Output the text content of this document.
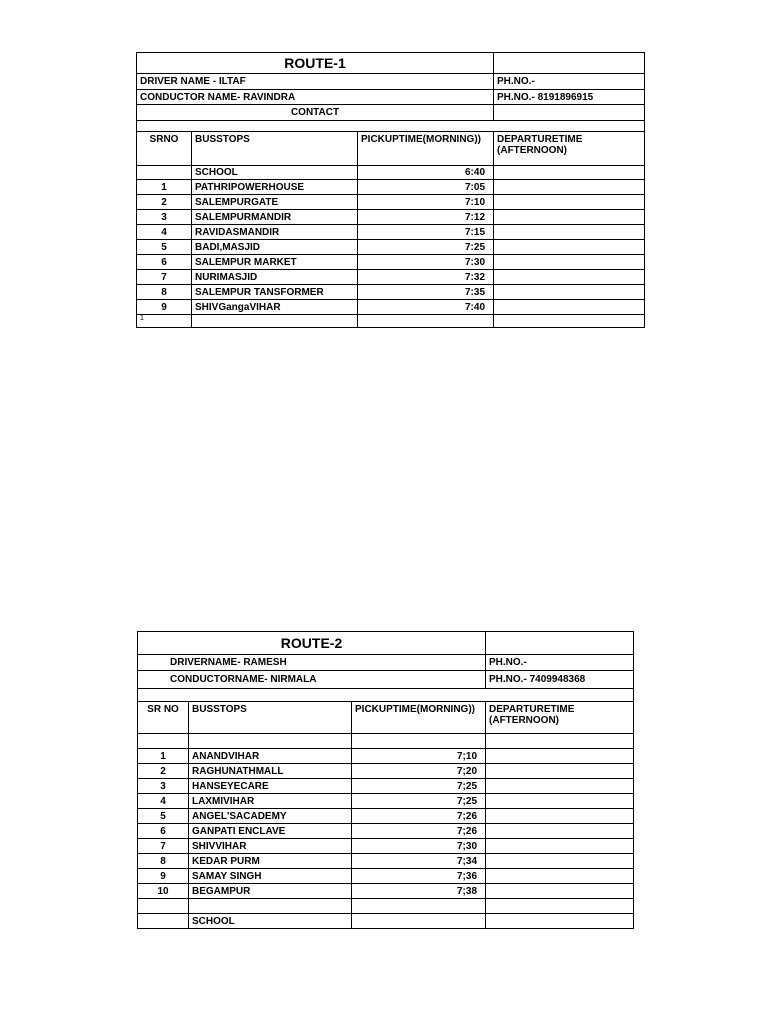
ROUTE-1			
DRIVER NAME - ILTAF			PH.NO.-
CONDUCTOR NAME- RAVINDRA			PH.NO.- 8191896915
CONTACT			

SRNO	BUSSTOPS	PICKUPTIME(MORNING))	DEPARTURETIME (AFTERNOON)
	SCHOOL	6:40	
1	PATHRIPOWERHOUSE	7:05	
2	SALEMPURGATE	7:10	
3	SALEMPURMANDIR	7:12	
4	RAVIDASMANDIR	7:15	
5	BADI,MASJID	7:25	
6	SALEMPUR MARKET	7:30	
7	NURIMASJID	7:32	
8	SALEMPUR TANSFORMER	7:35	
9	SHIVGangaVIHAR	7:40	
1			
ROUTE-2			
DRIVERNAME- RAMESH			PH.NO.-
CONDUCTORNAME- NIRMALA			PH.NO.- 7409948368

SR NO	BUSSTOPS	PICKUPTIME(MORNING))	DEPARTURETIME (AFTERNOON)

1	ANANDVIHAR	7;10	
2	RAGHUNATHMALL	7;20	
3	HANSEYECARE	7;25	
4	LAXMIVIHAR	7;25	
5	ANGEL'SACADEMY	7;26	
6	GANPATI ENCLAVE	7;26	
7	SHIVVIHAR	7;30	
8	KEDAR PURM	7;34	
9	SAMAY SINGH	7;36	
10	BEGAMPUR	7;38	

	SCHOOL		
